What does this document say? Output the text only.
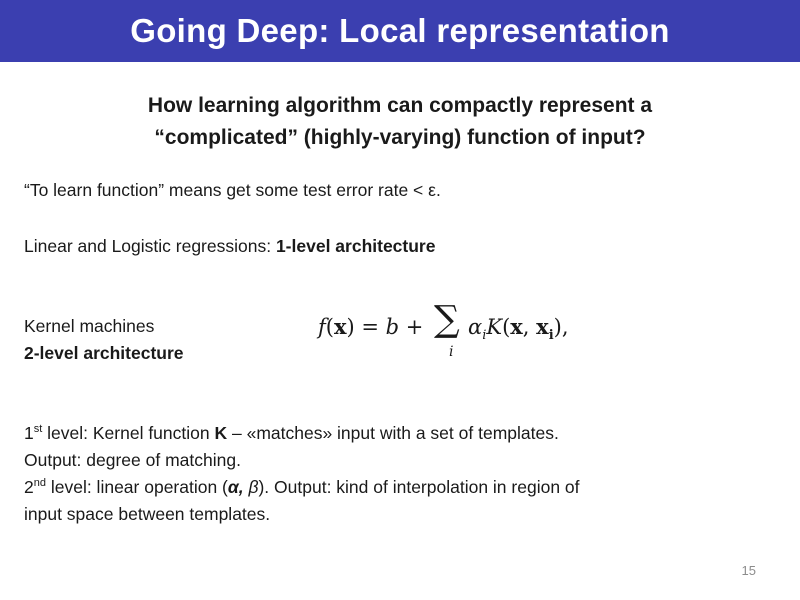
Going Deep: Local representation
How learning algorithm can compactly represent a
“complicated” (highly-varying) function of input?
“To learn function” means get some test error rate < ε.
Linear and Logistic regressions: 1-level architecture
Kernel machines
2-level architecture
f(x) = b + ∑
i
$\alpha_iK(x$, $x_i$),
1st level: Kernel function K – «matches» input with a set of templates.
Output: degree of matching.
2nd level: linear operation (α, β). Output: kind of interpolation in region of
input space between templates.
15
